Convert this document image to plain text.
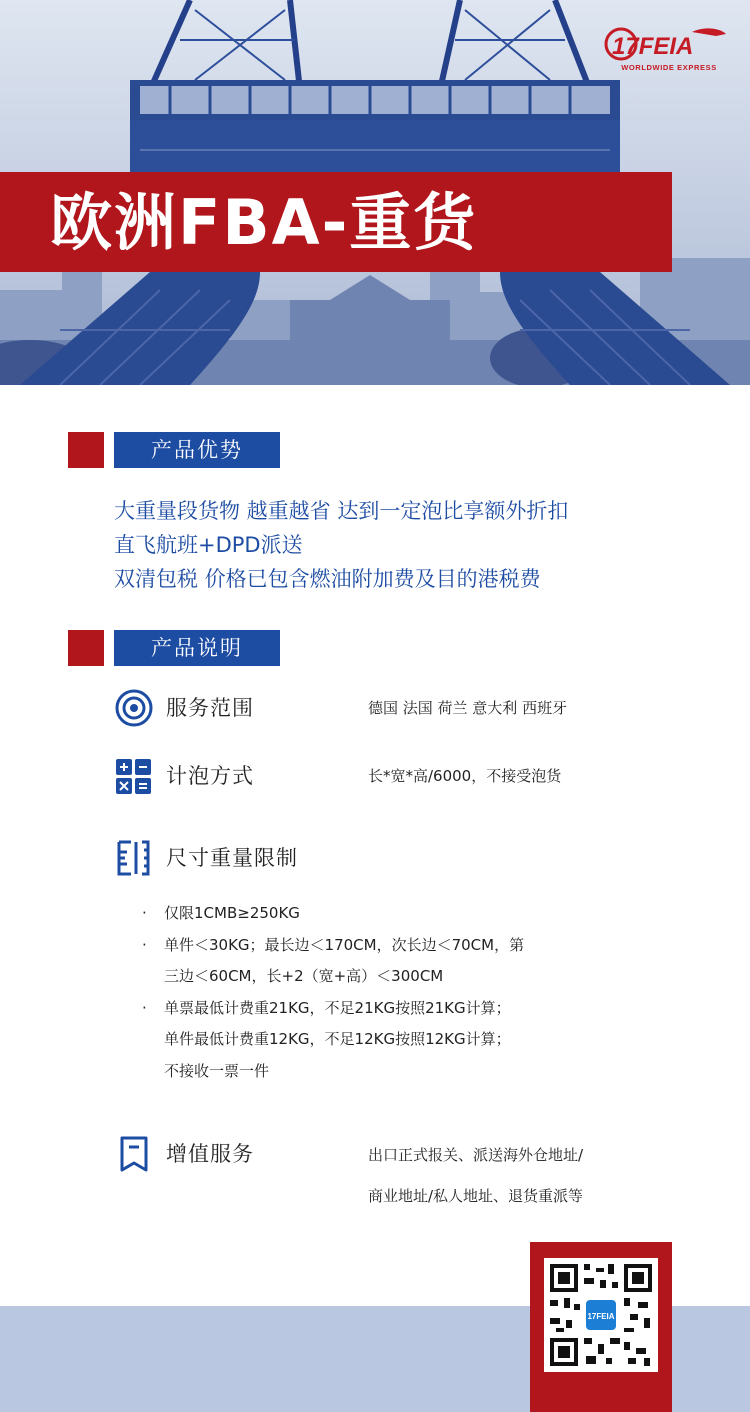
欧洲FBA-重货
17FEIA
WORLDWIDE EXPRESS
产品优势
大重量段货物 越重越省 达到一定泡比享额外折扣
直飞航班+DPD派送
双清包税 价格已包含燃油附加费及目的港税费
产品说明
服务范围	德国 法国 荷兰 意大利 西班牙
计泡方式	长*宽*高/6000，不接受泡货
尺寸重量限制
·	仅限1CMB≥250KG
·	单件＜30KG；最长边＜170CM，次长边＜70CM，第
三边＜60CM，长+2（宽+高）＜300CM
·	单票最低计费重21KG，不足21KG按照21KG计算；
单件最低计费重12KG，不足12KG按照12KG计算；
不接收一票一件
增值服务	出口正式报关、派送海外仓地址/
商业地址/私人地址、退货重派等
17FEIA
